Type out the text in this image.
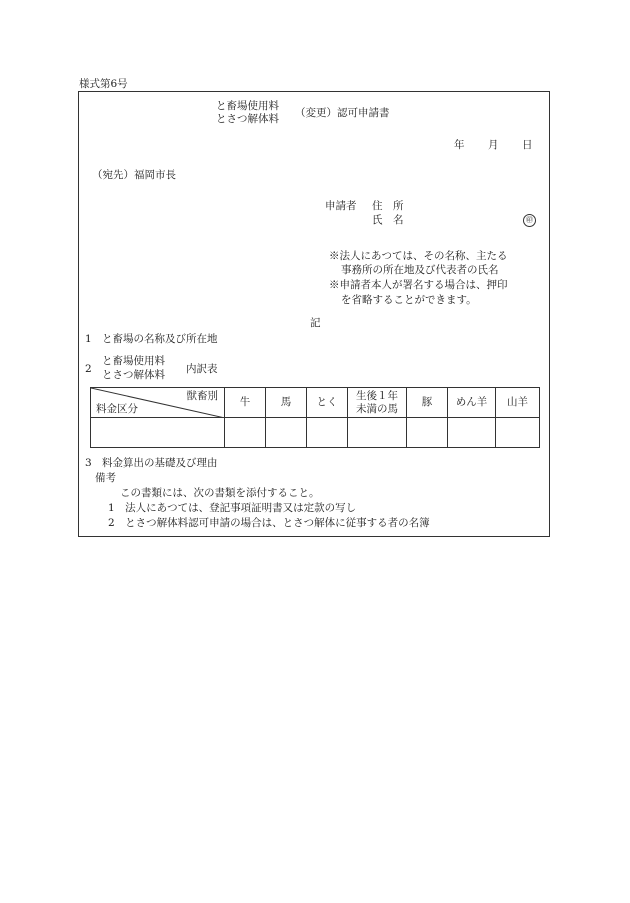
様式第6号
と畜場使用料
とさつ解体料 （変更）認可申請書
年 月 日
（宛先）福岡市長
申請者 住　所
氏　名	㊞
※法人にあつては、その名称、主たる
事務所の所在地及び代表者の氏名
※申請者本人が署名する場合は、押印
を省略することができます。
記
1 と畜場の名称及び所在地
2
と畜場使用料
とさつ解体料 内訳表
獣畜別
料金区分	牛	馬	とく	生後１年未満の馬	豚	めん羊	山羊

3 料金算出の基礎及び理由
備考
この書類には、次の書類を添付すること。
1　法人にあつては、登記事項証明書又は定款の写し
2　とさつ解体料認可申請の場合は、とさつ解体に従事する者の名簿
